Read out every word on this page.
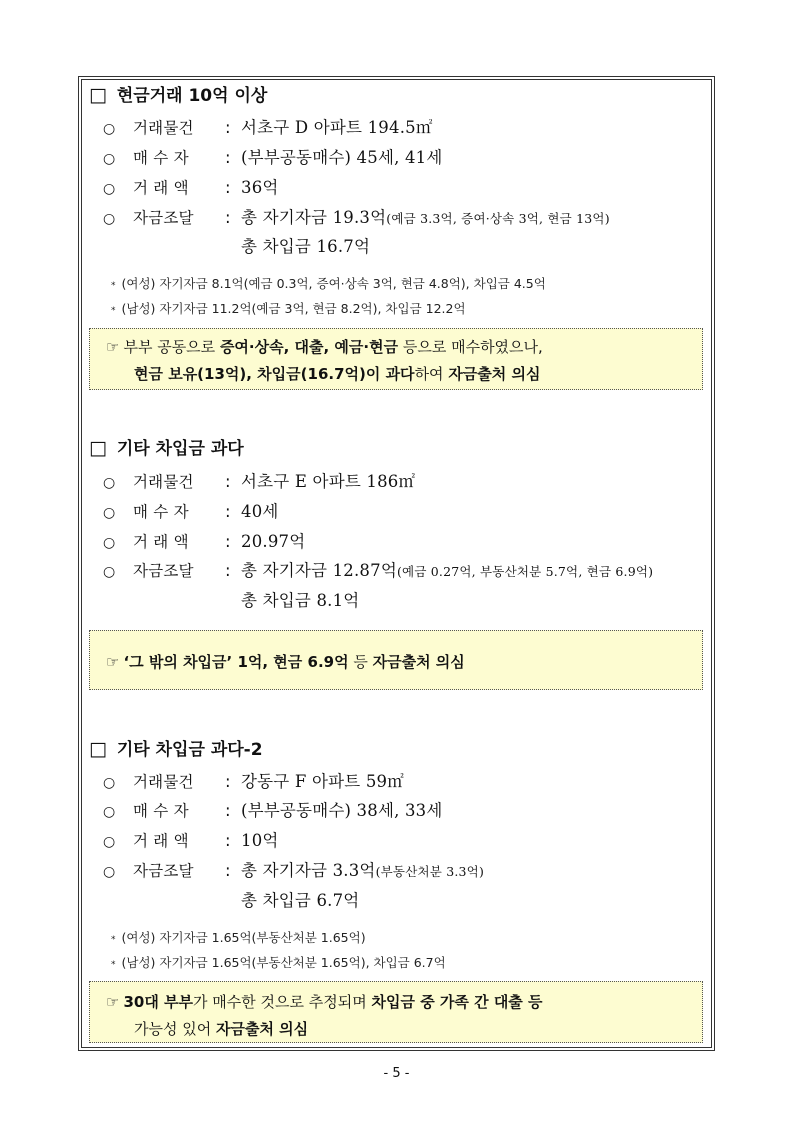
□ 현금거래 10억 이상
○ 거래물건 : 서초구 D 아파트 194.5㎡
○ 매 수 자 : (부부공동매수) 45세, 41세
○ 거 래 액 : 36억
○ 자금조달 : 총 자기자금 19.3억(예금 3.3억, 증여·상속 3억, 현금 13억)
총 차입금 16.7억
* (여성) 자기자금 8.1억(예금 0.3억, 증여·상속 3억, 현금 4.8억), 차입금 4.5억
* (남성) 자기자금 11.2억(예금 3억, 현금 8.2억), 차입금 12.2억
☞ 부부 공동으로 증여·상속, 대출, 예금·현금 등으로 매수하였으나,
현금 보유(13억), 차입금(16.7억)이 과다하여 자금출처 의심
□ 기타 차입금 과다
○ 거래물건 : 서초구 E 아파트 186㎡
○ 매 수 자 : 40세
○ 거 래 액 : 20.97억
○ 자금조달 : 총 자기자금 12.87억(예금 0.27억, 부동산처분 5.7억, 현금 6.9억)
총 차입금 8.1억
☞ ‘그 밖의 차입금’ 1억, 현금 6.9억 등 자금출처 의심
□ 기타 차입금 과다-2
○ 거래물건 : 강동구 F 아파트 59㎡
○ 매 수 자 : (부부공동매수) 38세, 33세
○ 거 래 액 : 10억
○ 자금조달 : 총 자기자금 3.3억(부동산처분 3.3억)
총 차입금 6.7억
* (여성) 자기자금 1.65억(부동산처분 1.65억)
* (남성) 자기자금 1.65억(부동산처분 1.65억), 차입금 6.7억
☞ 30대 부부가 매수한 것으로 추정되며 차입금 중 가족 간 대출 등
가능성 있어 자금출처 의심
- 5 -
